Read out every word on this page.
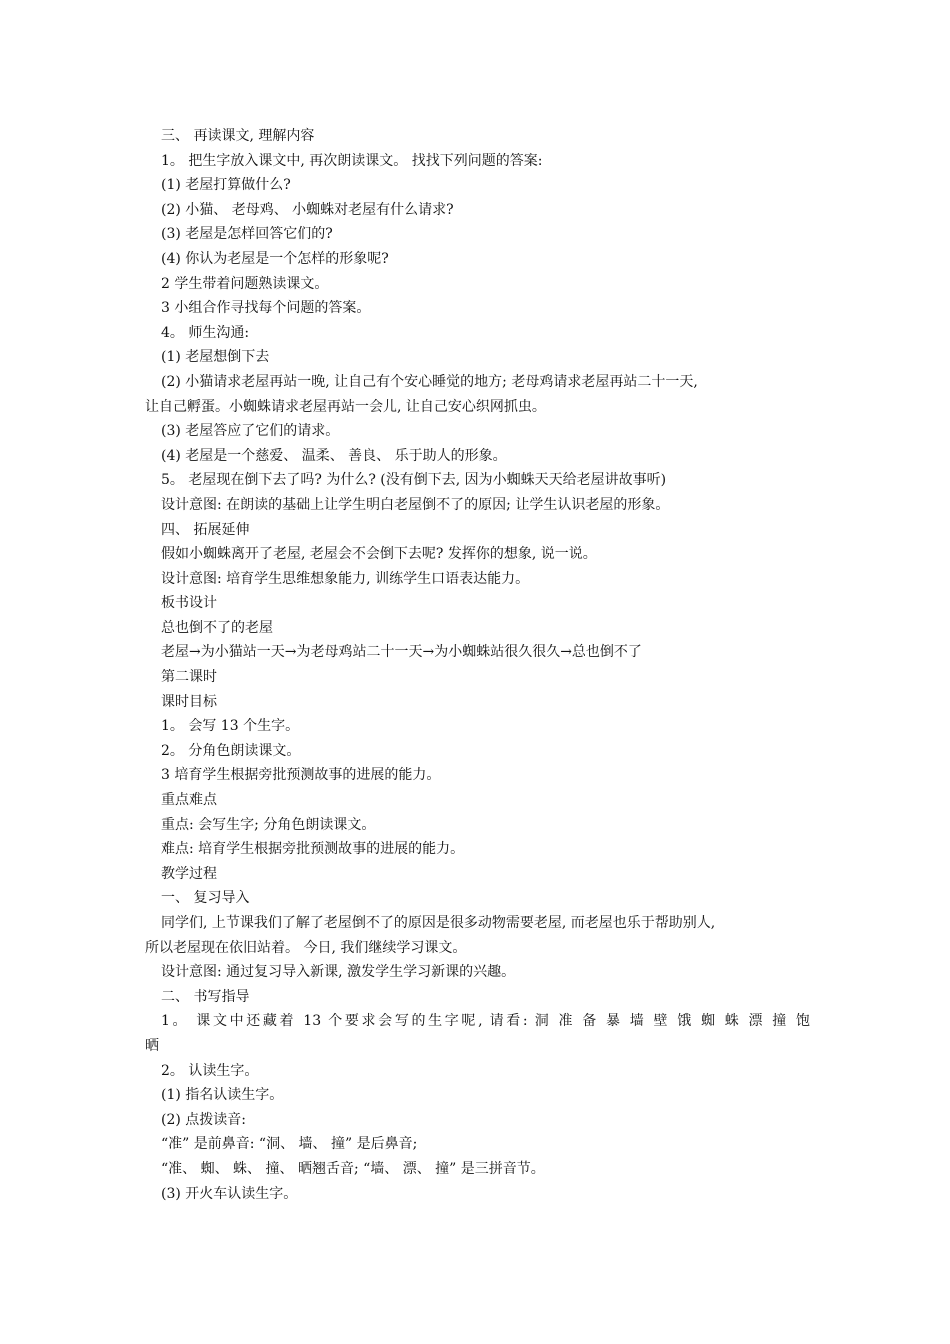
三、 再读课文, 理解内容
1。 把生字放入课文中, 再次朗读课文。 找找下列问题的答案:
(1) 老屋打算做什么?
(2) 小猫、 老母鸡、 小蜘蛛对老屋有什么请求?
(3) 老屋是怎样回答它们的?
(4) 你认为老屋是一个怎样的形象呢?
2 学生带着问题熟读课文。
3 小组合作寻找每个问题的答案。
4。 师生沟通:
(1) 老屋想倒下去
(2) 小猫请求老屋再站一晚, 让自己有个安心睡觉的地方; 老母鸡请求老屋再站二十一天,
让自己孵蛋。小蜘蛛请求老屋再站一会儿, 让自己安心织网抓虫。
(3) 老屋答应了它们的请求。
(4) 老屋是一个慈爱、 温柔、 善良、 乐于助人的形象。
5。 老屋现在倒下去了吗? 为什么? (没有倒下去, 因为小蜘蛛天天给老屋讲故事听)
设计意图: 在朗读的基础上让学生明白老屋倒不了的原因; 让学生认识老屋的形象。
四、 拓展延伸
假如小蜘蛛离开了老屋, 老屋会不会倒下去呢? 发挥你的想象, 说一说。
设计意图: 培育学生思维想象能力, 训练学生口语表达能力。
板书设计
总也倒不了的老屋
老屋→为小猫站一天→为老母鸡站二十一天→为小蜘蛛站很久很久→总也倒不了
第二课时
课时目标
1。 会写 13 个生字。
2。 分角色朗读课文。
3 培育学生根据旁批预测故事的进展的能力。
重点难点
重点: 会写生字; 分角色朗读课文。
难点: 培育学生根据旁批预测故事的进展的能力。
教学过程
一、 复习导入
同学们, 上节课我们了解了老屋倒不了的原因是很多动物需要老屋, 而老屋也乐于帮助别人,
所以老屋现在依旧站着。 今日, 我们继续学习课文。
设计意图: 通过复习导入新课, 激发学生学习新课的兴趣。
二、 书写指导
1。 课文中还藏着 13 个要求会写的生字呢, 请看: 洞 准 备 暴 墙 壁 饿 蜘 蛛 漂 撞 饱
晒
2。 认读生字。
(1) 指名认读生字。
(2) 点拨读音:
“准” 是前鼻音: “洞、 墙、 撞” 是后鼻音;
“准、 蜘、 蛛、 撞、 晒翘舌音; “墙、 漂、 撞” 是三拼音节。
(3) 开火车认读生字。
